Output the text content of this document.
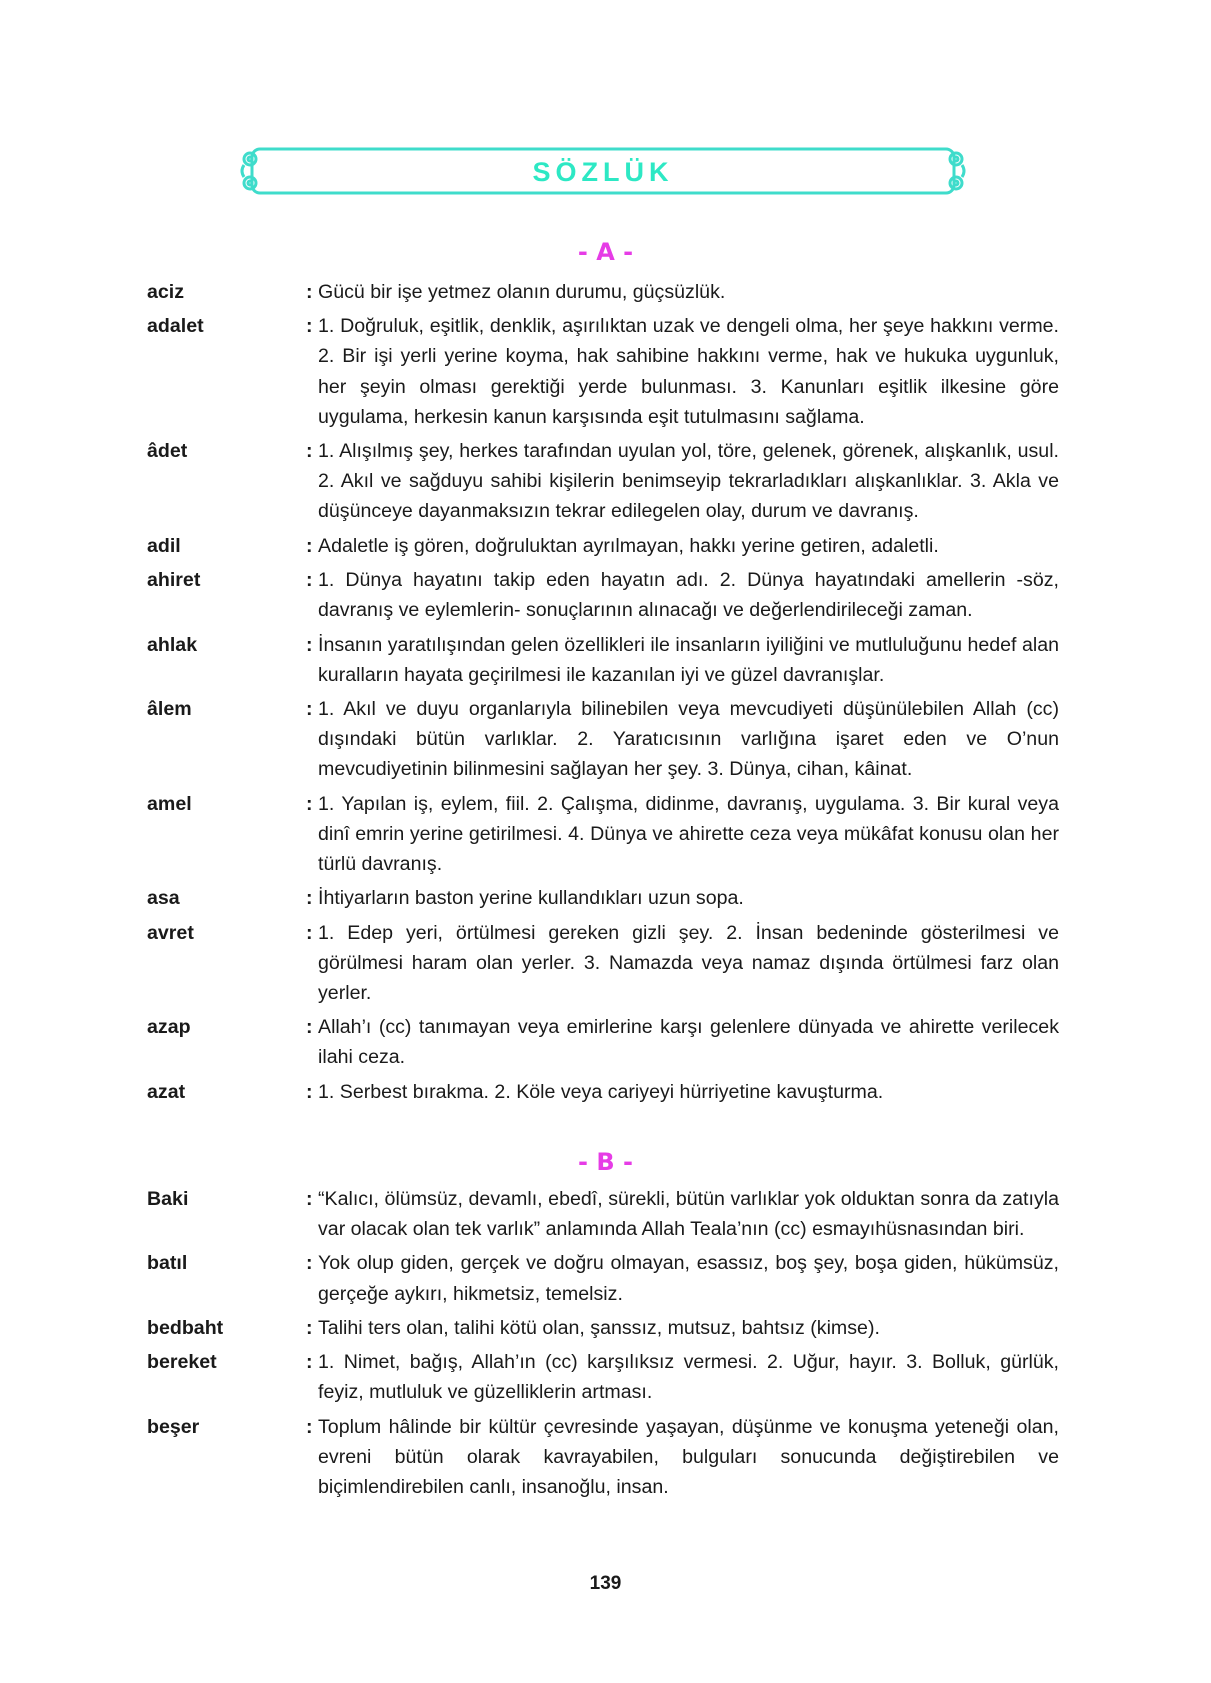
SÖZLÜK
- A -
aciz	: Gücü bir işe yetmez olanın durumu, güçsüzlük.
adalet	: 1. Doğruluk, eşitlik, denklik, aşırılıktan uzak ve dengeli olma, her şeye hakkını verme. 2. Bir işi yerli yerine koyma, hak sahibine hakkını verme, hak ve hukuka uygunluk, her şeyin olması gerektiği yerde bulunması. 3. Kanunları eşitlik ilkesine göre uygulama, herkesin kanun karşısında eşit tutulmasını sağlama.
âdet	: 1. Alışılmış şey, herkes tarafından uyulan yol, töre, gelenek, görenek, alışkanlık, usul. 2. Akıl ve sağduyu sahibi kişilerin benimseyip tekrarladıkları alışkanlıklar. 3. Akla ve düşünceye dayanmaksızın tekrar edilegelen olay, durum ve davranış.
adil	: Adaletle iş gören, doğruluktan ayrılmayan, hakkı yerine getiren, adaletli.
ahiret	: 1. Dünya hayatını takip eden hayatın adı. 2. Dünya hayatındaki amellerin -söz, davranış ve eylemlerin- sonuçlarının alınacağı ve değerlendirileceği zaman.
ahlak	: İnsanın yaratılışından gelen özellikleri ile insanların iyiliğini ve mutluluğunu hedef alan kuralların hayata geçirilmesi ile kazanılan iyi ve güzel davranışlar.
âlem	: 1. Akıl ve duyu organlarıyla bilinebilen veya mevcudiyeti düşünülebilen Allah (cc) dışındaki bütün varlıklar. 2. Yaratıcısının varlığına işaret eden ve O’nun mevcudiyetinin bilinmesini sağlayan her şey. 3. Dünya, cihan, kâinat.
amel	: 1. Yapılan iş, eylem, fiil. 2. Çalışma, didinme, davranış, uygulama. 3. Bir kural veya dinî emrin yerine getirilmesi. 4. Dünya ve ahirette ceza veya mükâfat konusu olan her türlü davranış.
asa	: İhtiyarların baston yerine kullandıkları uzun sopa.
avret	: 1. Edep yeri, örtülmesi gereken gizli şey. 2. İnsan bedeninde gösterilmesi ve görülmesi haram olan yerler. 3. Namazda veya namaz dışında örtülmesi farz olan yerler.
azap	: Allah’ı (cc) tanımayan veya emirlerine karşı gelenlere dünyada ve ahirette verilecek ilahi ceza.
azat	: 1. Serbest bırakma. 2. Köle veya cariyeyi hürriyetine kavuşturma.
- B -
Baki	: “Kalıcı, ölümsüz, devamlı, ebedî, sürekli, bütün varlıklar yok olduktan sonra da zatıyla var olacak olan tek varlık” anlamında Allah Teala’nın (cc) esmayıhüsnasından biri.
batıl	: Yok olup giden, gerçek ve doğru olmayan, esassız, boş şey, boşa giden, hükümsüz, gerçeğe aykırı, hikmetsiz, temelsiz.
bedbaht	: Talihi ters olan, talihi kötü olan, şanssız, mutsuz, bahtsız (kimse).
bereket	: 1. Nimet, bağış, Allah’ın (cc) karşılıksız vermesi. 2. Uğur, hayır. 3. Bolluk, gürlük, feyiz, mutluluk ve güzelliklerin artması.
beşer	: Toplum hâlinde bir kültür çevresinde yaşayan, düşünme ve konuşma yeteneği olan, evreni bütün olarak kavrayabilen, bulguları sonucunda değiştirebilen ve biçimlendirebilen canlı, insanoğlu, insan.
139
